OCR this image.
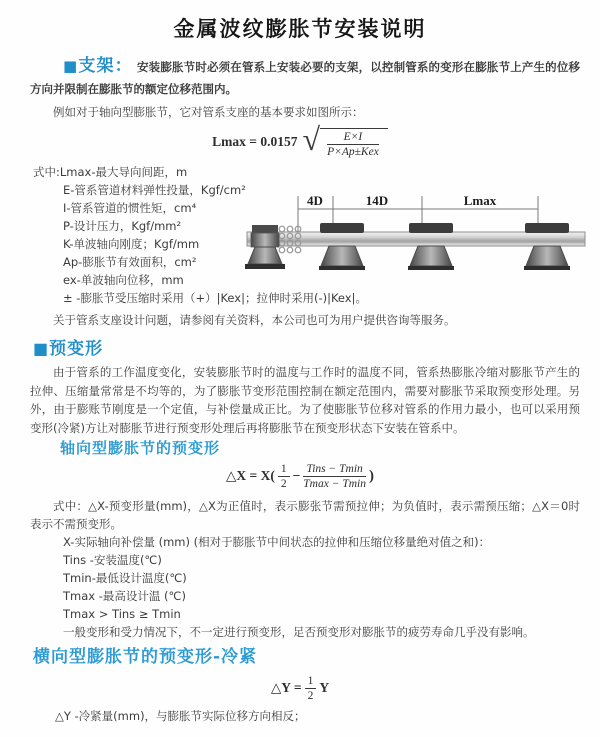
金属波纹膨胀节安装说明
■支架： 安装膨胀节时必须在管系上安装必要的支架，以控制管系的变形在膨胀节上产生的位移方向并限制在膨胀节的额定位移范围内。
例如对于轴向型膨胀节，它对管系支座的基本要求如图所示：
Lmax = 0.0157 √ $\frac{E\times I}{\text{P×Ap±Kex}}$
式中:Lmax-最大导向间距，m
E-管系管道材料弹性投量，Kgf/cm²
I-管系管道的惯性矩，cm⁴
P-设计压力，Kgf/mm²
K-单波轴向刚度；Kgf/mm
Ap-膨胀节有效面积，cm²
ex-单波轴向位移，mm
± -膨胀节受压缩时采用（+）|Kex|；拉伸时采用(-)|Kex|。
关于管系支座设计问题，请参阅有关资料，本公司也可为用户提供咨询等服务。
4D	14D	Lmax
■预变形
由于管系的工作温度变化，安装膨胀节时的温度与工作时的温度不同，管系热膨胀冷缩对膨胀节产生的拉伸、压缩量常常是不均等的，为了膨胀节变形范围控制在额定范围内，需要对膨胀节采取预变形处理。另外，由于膨账节刚度是一个定值，与补偿量成正比。为了使膨胀节位移对管系的作用力最小，也可以采用预变形(冷紧)方让对膨胀节进行预变形处理后再将膨胀节在预变形状态下安装在管系中。
轴向型膨胀节的预变形
△X = $X( \frac{1}{2} - \frac{\text{Tins − Tmin}}{Tmax - Tmin}$ )
式中：△X-预变形量(mm)，△X为正值时，表示膨张节需预拉伸；为负值时，表示需预压缩；△X＝0时表示不需预变形。
X-实际轴向补偿量 (mm) (相对于膨胀节中间状态的拉伸和压缩位移量绝对值之和)：
Tins -安装温度(℃)
Tmin-最低设计温度(℃)
Tmax -最高设计温 (℃)
Tmax > Tins ≥ Tmin
一般变形和受力情况下，不一定进行预变形，足否预变形对膨胀节的疲劳寿命几乎没有影响。
横向型膨胀节的预变形-冷紧
△Y = $\frac{1}{2}$ Y
△Y -冷紧量(mm)，与膨胀节实际位移方向相反；
